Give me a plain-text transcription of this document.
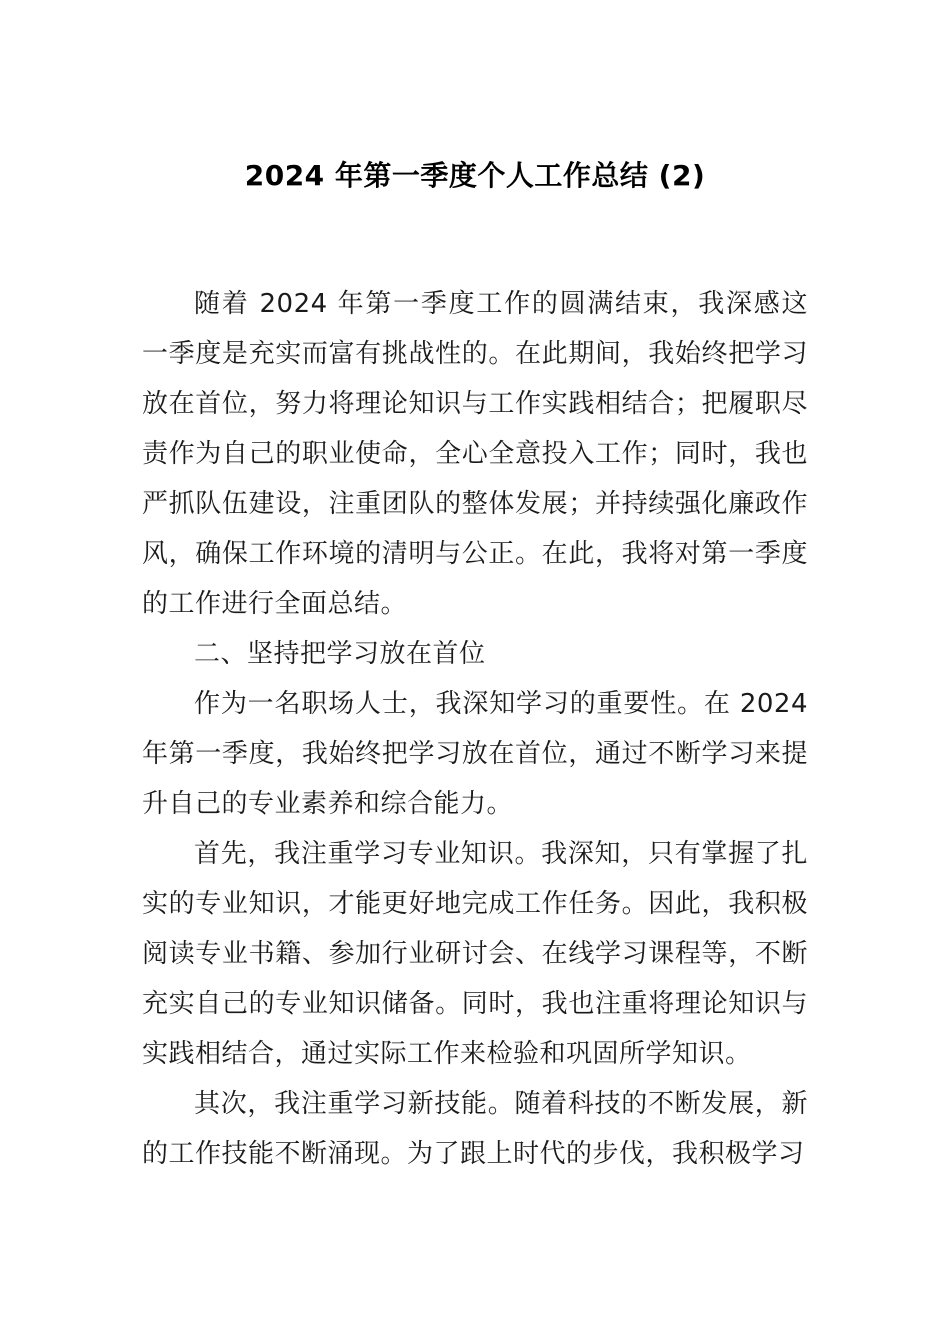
2024 年第一季度个人工作总结 (2)

随着 2024 年第一季度工作的圆满结束，我深感这一季度是充实而富有挑战性的。在此期间，我始终把学习放在首位，努力将理论知识与工作实践相结合；把履职尽责作为自己的职业使命，全心全意投入工作；同时，我也严抓队伍建设，注重团队的整体发展；并持续强化廉政作风，确保工作环境的清明与公正。在此，我将对第一季度的工作进行全面总结。

二、坚持把学习放在首位

作为一名职场人士，我深知学习的重要性。在 2024 年第一季度，我始终把学习放在首位，通过不断学习来提升自己的专业素养和综合能力。

首先，我注重学习专业知识。我深知，只有掌握了扎实的专业知识，才能更好地完成工作任务。因此，我积极阅读专业书籍、参加行业研讨会、在线学习课程等，不断充实自己的专业知识储备。同时，我也注重将理论知识与实践相结合，通过实际工作来检验和巩固所学知识。

其次，我注重学习新技能。随着科技的不断发展，新的工作技能不断涌现。为了跟上时代的步伐，我积极学习
